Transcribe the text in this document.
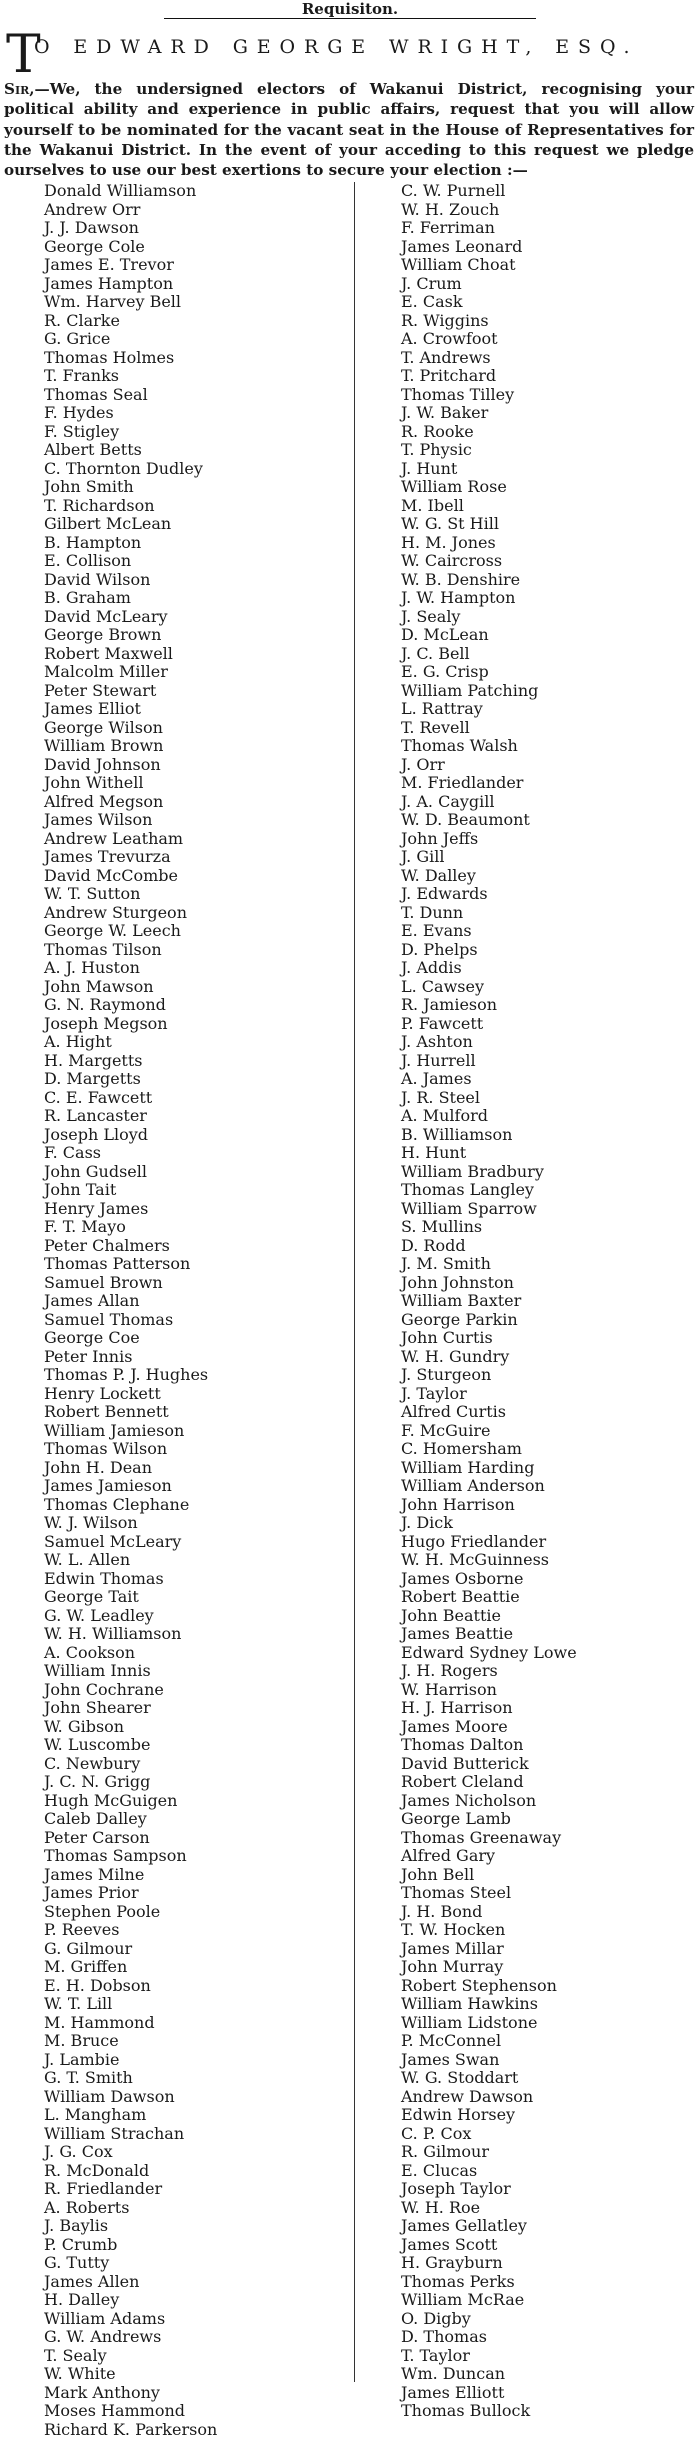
Requisiton.
T
O EDWARD GEORGE WRIGHT, ESQ.
Sir,—We, the undersigned electors of Wakanui District, recognising your political ability and experience in public affairs, request that you will allow yourself to be nominated for the vacant seat in the House of Representatives for the Wakanui District. In the event of your acceding to this request we pledge ourselves to use our best exertions to secure your election :—
Donald Williamson
Andrew Orr
J. J. Dawson
George Cole
James E. Trevor
James Hampton
Wm. Harvey Bell
R. Clarke
G. Grice
Thomas Holmes
T. Franks
Thomas Seal
F. Hydes
F. Stigley
Albert Betts
C. Thornton Dudley
John Smith
T. Richardson
Gilbert McLean
B. Hampton
E. Collison
David Wilson
B. Graham
David McLeary
George Brown
Robert Maxwell
Malcolm Miller
Peter Stewart
James Elliot
George Wilson
William Brown
David Johnson
John Withell
Alfred Megson
James Wilson
Andrew Leatham
James Trevurza
David McCombe
W. T. Sutton
Andrew Sturgeon
George W. Leech
Thomas Tilson
A. J. Huston
John Mawson
G. N. Raymond
Joseph Megson
A. Hight
H. Margetts
D. Margetts
C. E. Fawcett
R. Lancaster
Joseph Lloyd
F. Cass
John Gudsell
John Tait
Henry James
F. T. Mayo
Peter Chalmers
Thomas Patterson
Samuel Brown
James Allan
Samuel Thomas
George Coe
Peter Innis
Thomas P. J. Hughes
Henry Lockett
Robert Bennett
William Jamieson
Thomas Wilson
John H. Dean
James Jamieson
Thomas Clephane
W. J. Wilson
Samuel McLeary
W. L. Allen
Edwin Thomas
George Tait
G. W. Leadley
W. H. Williamson
A. Cookson
William Innis
John Cochrane
John Shearer
W. Gibson
W. Luscombe
C. Newbury
J. C. N. Grigg
Hugh McGuigen
Caleb Dalley
Peter Carson
Thomas Sampson
James Milne
James Prior
Stephen Poole
P. Reeves
G. Gilmour
M. Griffen
E. H. Dobson
W. T. Lill
M. Hammond
M. Bruce
J. Lambie
G. T. Smith
William Dawson
L. Mangham
William Strachan
J. G. Cox
R. McDonald
R. Friedlander
A. Roberts
J. Baylis
P. Crumb
G. Tutty
James Allen
H. Dalley
William Adams
G. W. Andrews
T. Sealy
W. White
Mark Anthony
Moses Hammond
Richard K. Parkerson
C. W. Purnell
W. H. Zouch
F. Ferriman
James Leonard
William Choat
J. Crum
E. Cask
R. Wiggins
A. Crowfoot
T. Andrews
T. Pritchard
Thomas Tilley
J. W. Baker
R. Rooke
T. Physic
J. Hunt
William Rose
M. Ibell
W. G. St Hill
H. M. Jones
W. Caircross
W. B. Denshire
J. W. Hampton
J. Sealy
D. McLean
J. C. Bell
E. G. Crisp
William Patching
L. Rattray
T. Revell
Thomas Walsh
J. Orr
M. Friedlander
J. A. Caygill
W. D. Beaumont
John Jeffs
J. Gill
W. Dalley
J. Edwards
T. Dunn
E. Evans
D. Phelps
J. Addis
L. Cawsey
R. Jamieson
P. Fawcett
J. Ashton
J. Hurrell
A. James
J. R. Steel
A. Mulford
B. Williamson
H. Hunt
William Bradbury
Thomas Langley
William Sparrow
S. Mullins
D. Rodd
J. M. Smith
John Johnston
William Baxter
George Parkin
John Curtis
W. H. Gundry
J. Sturgeon
J. Taylor
Alfred Curtis
F. McGuire
C. Homersham
William Harding
William Anderson
John Harrison
J. Dick
Hugo Friedlander
W. H. McGuinness
James Osborne
Robert Beattie
John Beattie
James Beattie
Edward Sydney Lowe
J. H. Rogers
W. Harrison
H. J. Harrison
James Moore
Thomas Dalton
David Butterick
Robert Cleland
James Nicholson
George Lamb
Thomas Greenaway
Alfred Gary
John Bell
Thomas Steel
J. H. Bond
T. W. Hocken
James Millar
John Murray
Robert Stephenson
William Hawkins
William Lidstone
P. McConnel
James Swan
W. G. Stoddart
Andrew Dawson
Edwin Horsey
C. P. Cox
R. Gilmour
E. Clucas
Joseph Taylor
W. H. Roe
James Gellatley
James Scott
H. Grayburn
Thomas Perks
William McRae
O. Digby
D. Thomas
T. Taylor
Wm. Duncan
James Elliott
Thomas Bullock
